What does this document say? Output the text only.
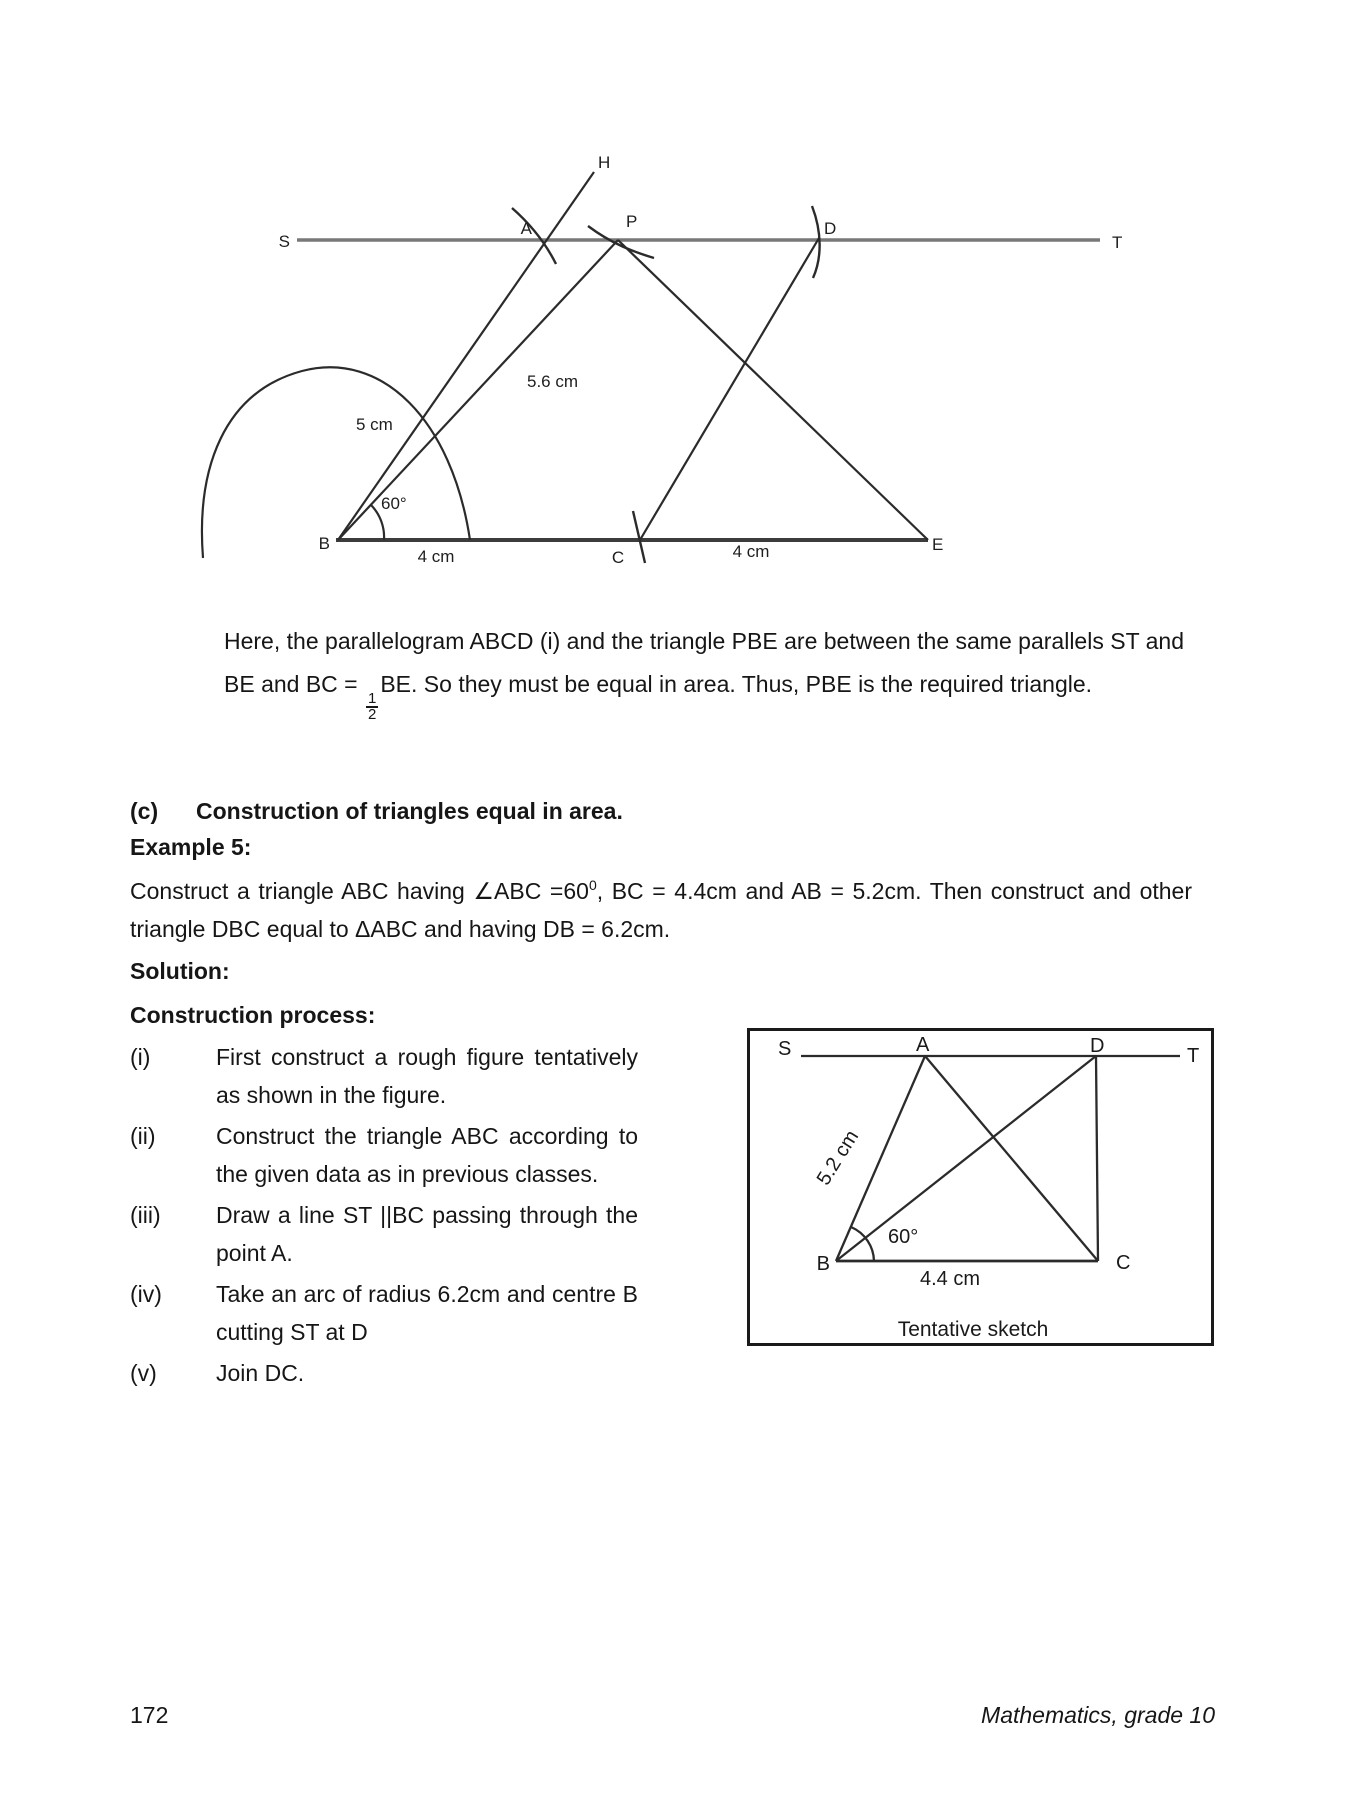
H
S	T
A	P	D
B
C
E
5.6 cm
5 cm
60°
4 cm	4 cm
Here, the parallelogram ABCD (i) and the triangle PBE are between the same parallels ST and BE and BC =
$\frac{1}{2}$
BE. So they must be equal in area. Thus, PBE is the required triangle.
(c) Construction of triangles equal in area.
Example 5:
Construct a triangle ABC having ∠ABC $=60^0$, BC = 4.4cm and AB = 5.2cm. Then construct and other triangle DBC equal to ΔABC and having DB = 6.2cm.
Solution:
Construction process:
(i)	First construct a rough figure tentatively as shown in the figure.
(ii)	Construct the triangle ABC according to the given data as in previous classes.
(iii)	Draw a line ST ||BC passing through the point A.
(iv)	Take an arc of radius 6.2cm and centre B cutting ST at D
(v)	Join DC.
S	T
A	D
B	C
60°
4.4 cm
5.2 cm
Tentative sketch
172	Mathematics, grade 10
